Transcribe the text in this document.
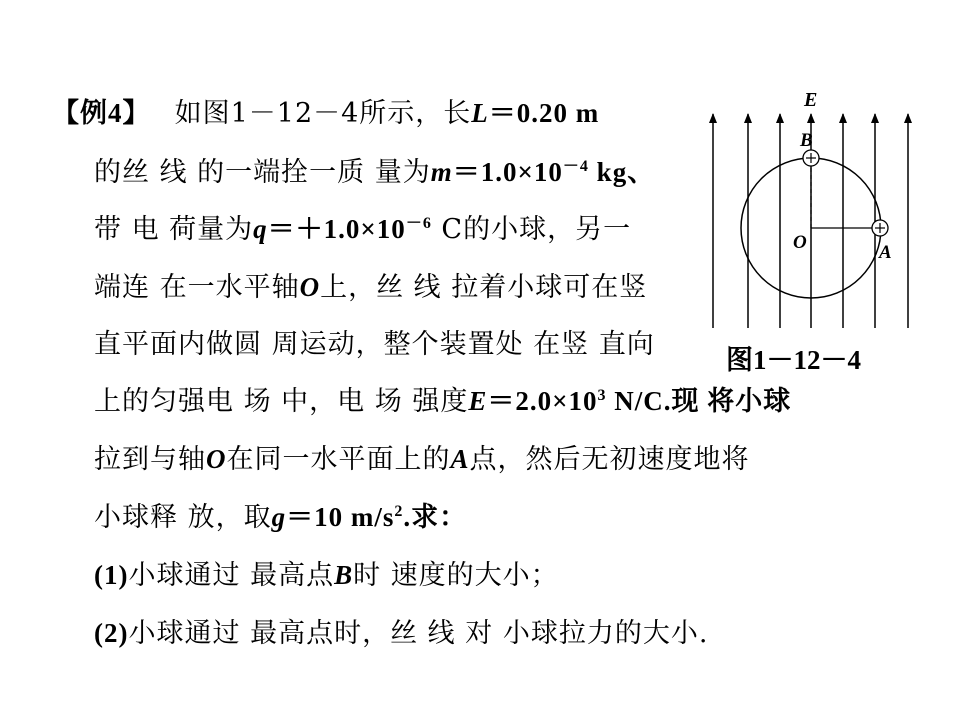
【例4】　 如图1－12－4所示，长L＝0.20 m
的丝 线 的一端拴一质 量为$m=1.0\times 10^{-4}$ kg、
带 电 荷量为$q=+1.0\times 10^{-6}$ C的小球，另一
端连 在一水平轴O上，丝 线 拉着小球可在竖
直平面内做圆 周运动，整个装置处 在竖 直向
上的匀强电 场 中，电 场 强度$E=2.0\times 10^3$ N/C.现 将小球
拉到与轴O在同一水平面上的A点，然后无初速度地将
小球释 放，取g＝10 $m/s^2$.求：
(1)小球通过 最高点B时 速度的大小；
(2)小球通过 最高点时，丝 线 对 小球拉力的大小.
E
B
O	A
图1－12－4
